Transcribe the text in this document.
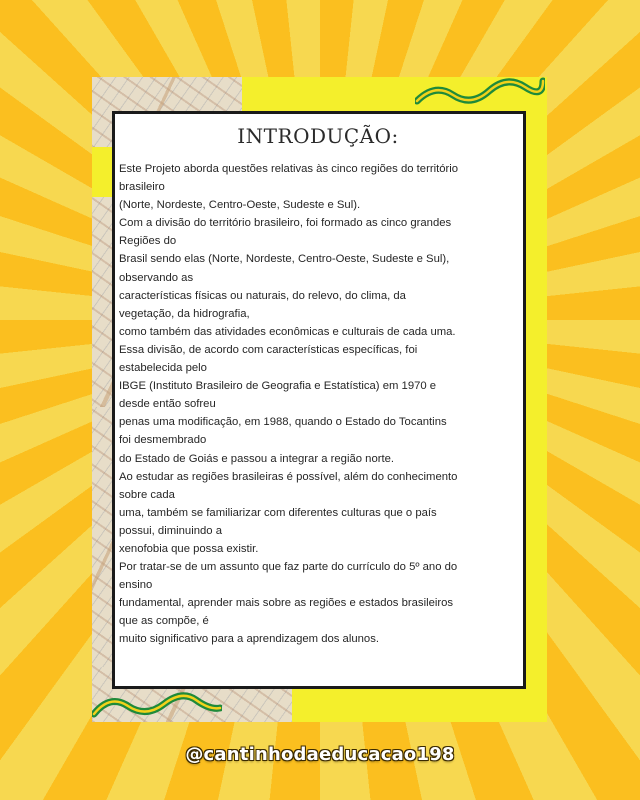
INTRODUÇÃO:

Este Projeto aborda questões relativas às cinco regiões do território

brasileiro

(Norte, Nordeste, Centro-Oeste, Sudeste e Sul).

Com a divisão do território brasileiro, foi formado as cinco grandes

Regiões do

Brasil sendo elas (Norte, Nordeste, Centro-Oeste, Sudeste e Sul),

observando as

características físicas ou naturais, do relevo, do clima, da

vegetação, da hidrografia,

como também das atividades econômicas e culturais de cada uma.

Essa divisão, de acordo com características específicas, foi

estabelecida pelo

IBGE (Instituto Brasileiro de Geografia e Estatística) em 1970 e

desde então sofreu

penas uma modificação, em 1988, quando o Estado do Tocantins

foi desmembrado

do Estado de Goiás e passou a integrar a região norte.

Ao estudar as regiões brasileiras é possível, além do conhecimento

sobre cada

uma, também se familiarizar com diferentes culturas que o país

possui, diminuindo a

xenofobia que possa existir.

Por tratar-se de um assunto que faz parte do currículo do 5º ano do

ensino

fundamental, aprender mais sobre as regiões e estados brasileiros

que as compõe, é

muito significativo para a aprendizagem dos alunos.

@cantinhodaeducacao198
